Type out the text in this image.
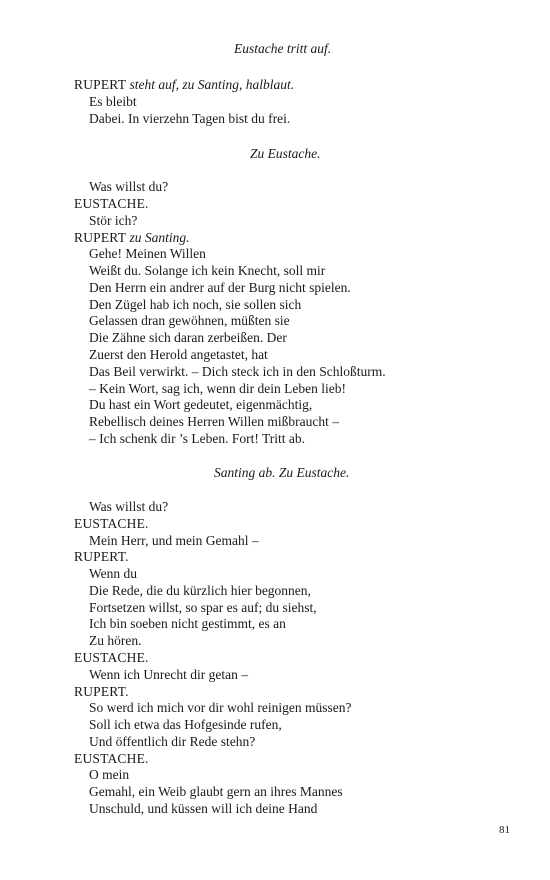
Eustache tritt auf.
RUPERT steht auf, zu Santing, halblaut.
Es bleibt
Dabei. In vierzehn Tagen bist du frei.
Zu Eustache.
Was willst du?
EUSTACHE.
Stör ich?
RUPERT zu Santing.
Gehe! Meinen Willen
Weißt du. Solange ich kein Knecht, soll mir
Den Herrn ein andrer auf der Burg nicht spielen.
Den Zügel hab ich noch, sie sollen sich
Gelassen dran gewöhnen, müßten sie
Die Zähne sich daran zerbeißen. Der
Zuerst den Herold angetastet, hat
Das Beil verwirkt. – Dich steck ich in den Schloßturm.
– Kein Wort, sag ich, wenn dir dein Leben lieb!
Du hast ein Wort gedeutet, eigenmächtig,
Rebellisch deines Herren Willen mißbraucht –
– Ich schenk dir ’s Leben. Fort! Tritt ab.
Santing ab. Zu Eustache.
Was willst du?
EUSTACHE.
Mein Herr, und mein Gemahl –
RUPERT.
Wenn du
Die Rede, die du kürzlich hier begonnen,
Fortsetzen willst, so spar es auf; du siehst,
Ich bin soeben nicht gestimmt, es an
Zu hören.
EUSTACHE.
Wenn ich Unrecht dir getan –
RUPERT.
So werd ich mich vor dir wohl reinigen müssen?
Soll ich etwa das Hofgesinde rufen,
Und öffentlich dir Rede stehn?
EUSTACHE.
O mein
Gemahl, ein Weib glaubt gern an ihres Mannes
Unschuld, und küssen will ich deine Hand
81
